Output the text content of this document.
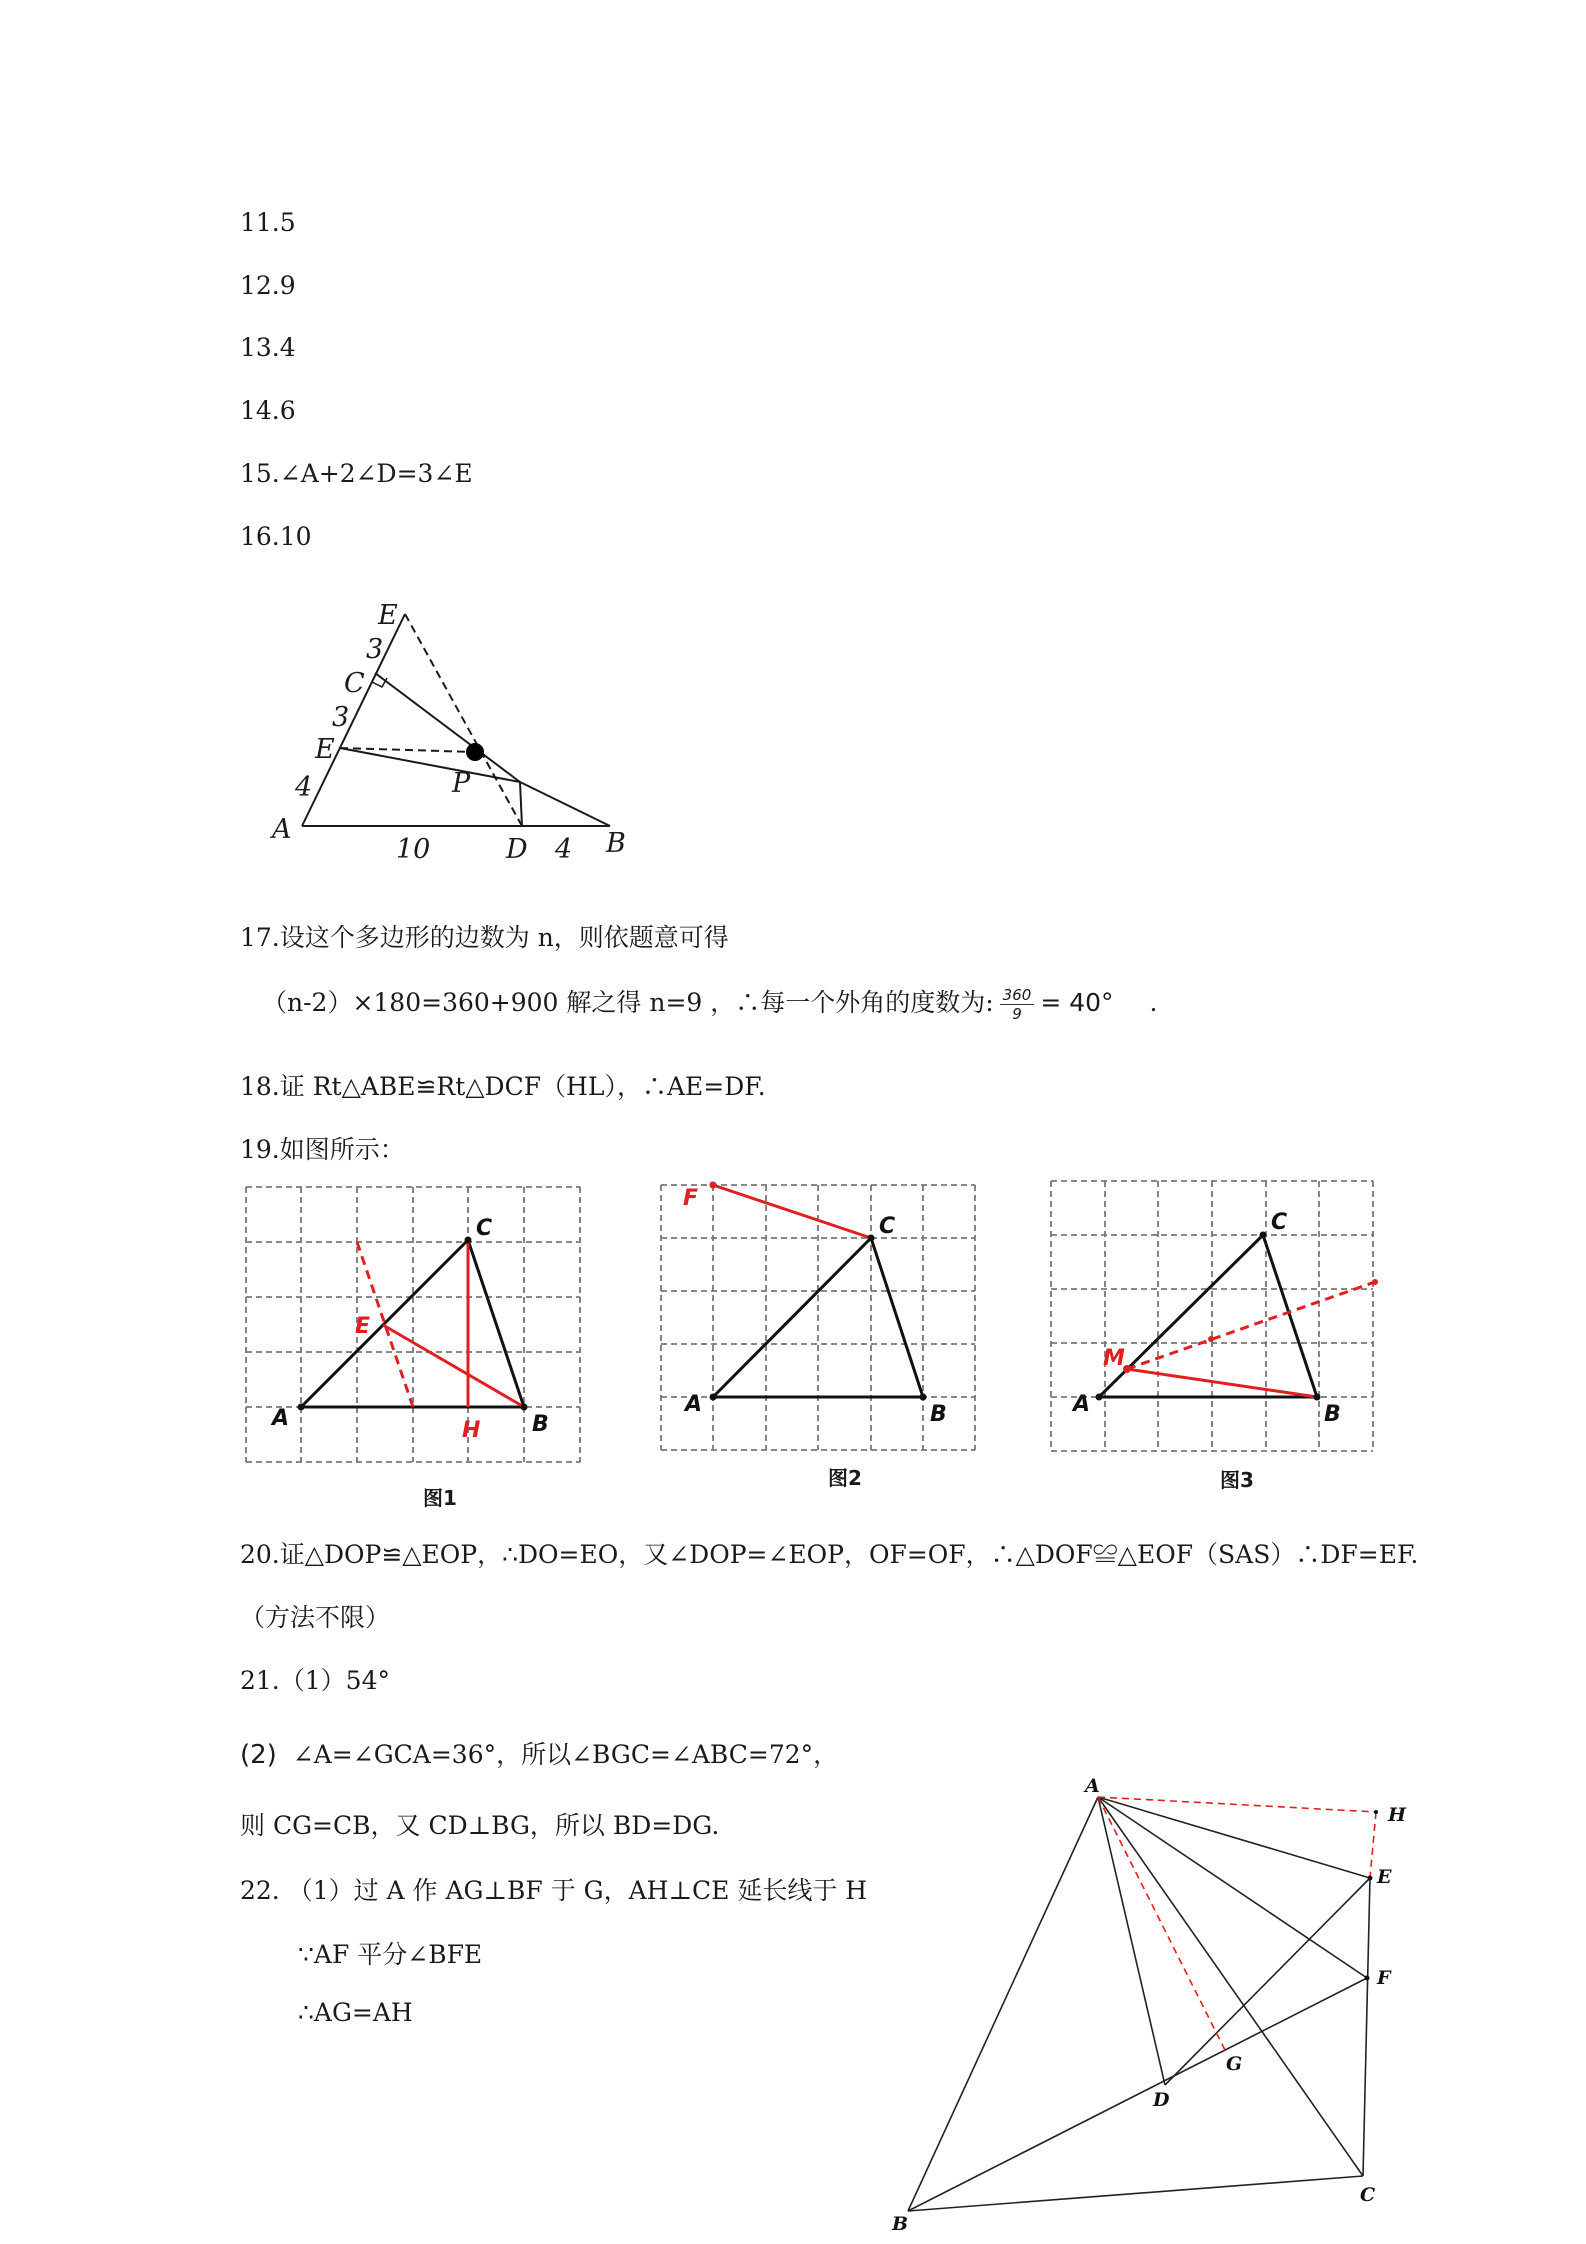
11.5
12.9
13.4
14.6
15.∠A+2∠D=3∠E
16.10
E
3
C
3
E
4
A
P
10	D 4 B
17.设这个多边形的边数为 n，则依题意可得
（n-2）×180=360+900 解之得 n=9 ，∴每一个外角的度数为: $\frac{360}{9} = 40^\circ$ .
18.证 Rt△ABE≌Rt△DCF（HL），∴AE=DF.
19.如图所示：
A	B
C
E
H
图1
A	B
C
F
图2
A	B
C
M
图3
20.证△DOP≌△EOP，∴DO=EO，又∠DOP=∠EOP，OF=OF，∴△DOF≌△EOF（SAS）∴DF=EF.
（方法不限）
21.（1）54°
(2) ∠A=∠GCA=36°，所以∠BGC=∠ABC=72°，
则 CG=CB，又 CD⊥BG，所以 BD=DG.
22. （1）过 A 作 AG⊥BF 于 G，AH⊥CE 延长线于 H
∵AF 平分∠BFE
∴AG=AH
A
H
E
F
G
D
C
B
